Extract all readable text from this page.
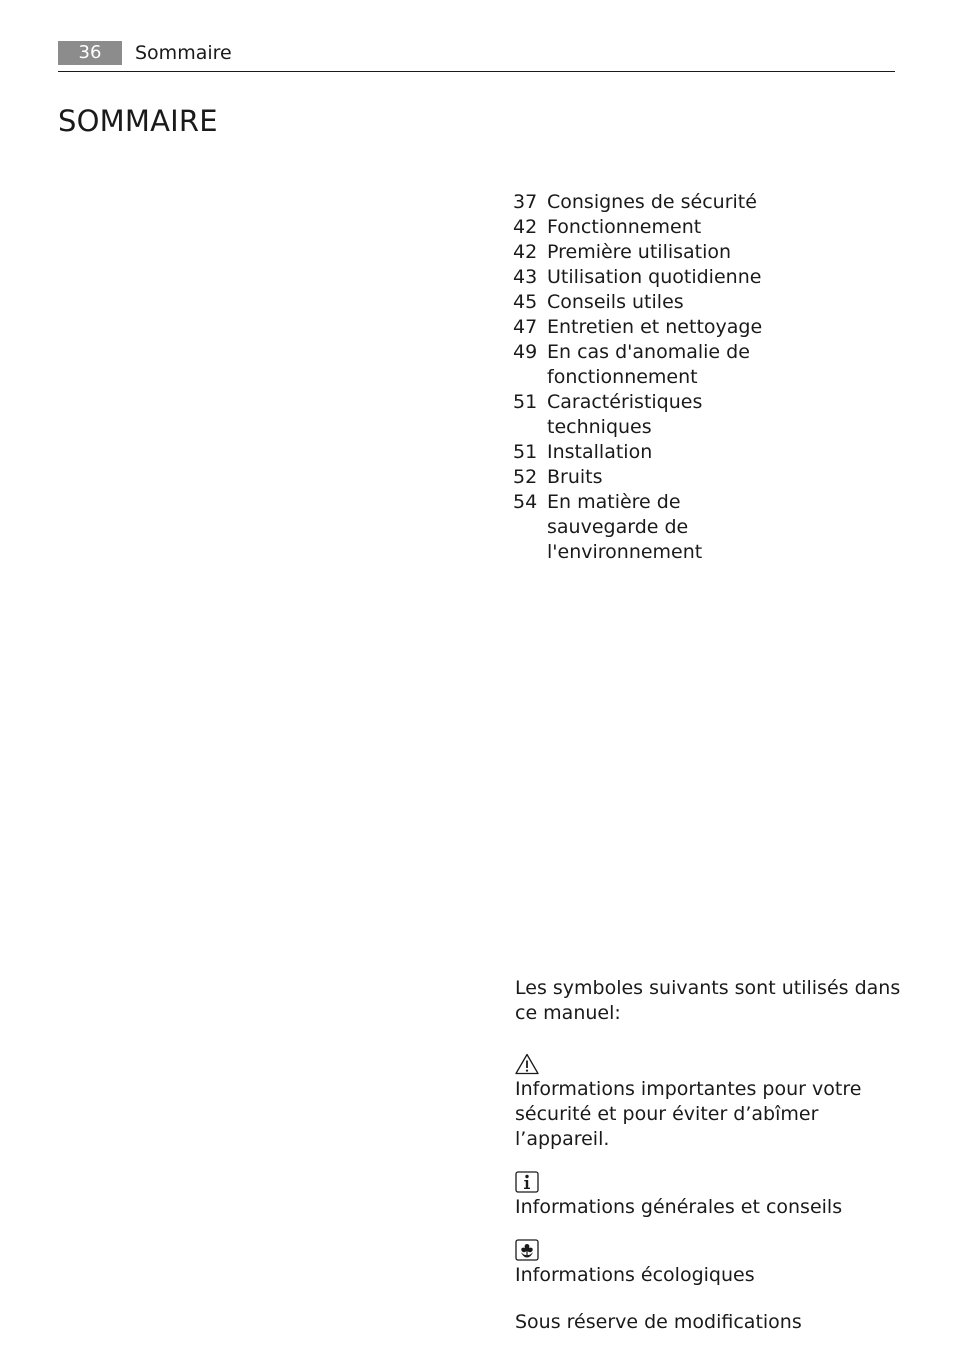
36	Sommaire
SOMMAIRE
37 Consignes de sécurité
42 Fonctionnement
42 Première utilisation
43 Utilisation quotidienne
45 Conseils utiles
47 Entretien et nettoyage
49 En cas d'anomalie de fonctionnement
51 Caractéristiques techniques
51 Installation
52 Bruits
54 En matière de sauvegarde de l'environnement

Les symboles suivants sont utilisés dans ce manuel:

Informations importantes pour votre sécurité et pour éviter d’abîmer l’appareil.

Informations générales et conseils

Informations écologiques

Sous réserve de modifications
